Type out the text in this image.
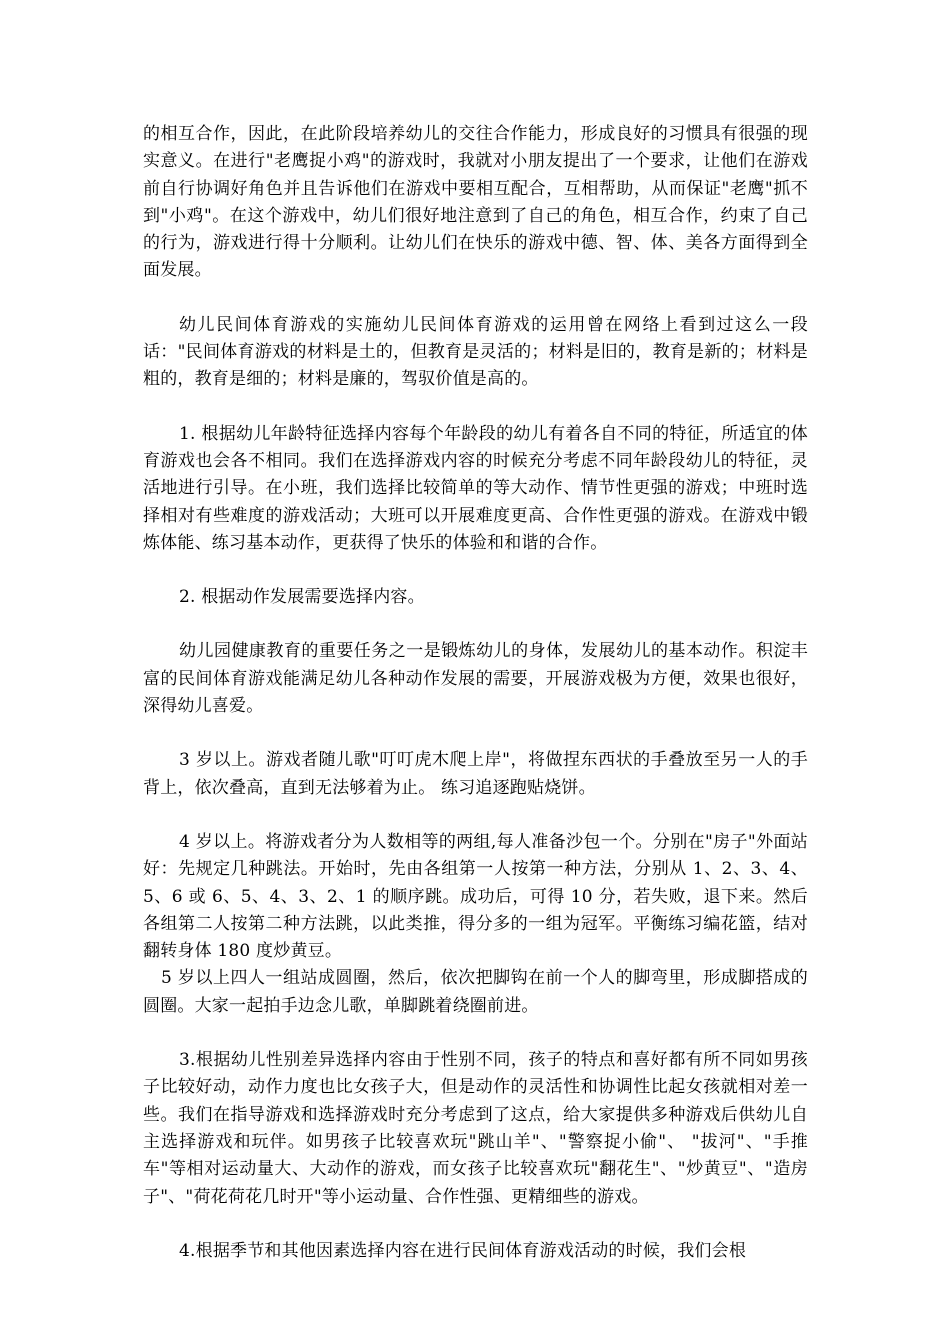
的相互合作，因此，在此阶段培养幼儿的交往合作能力，形成良好的习惯具有很强的现实意义。在进行"老鹰捉小鸡"的游戏时，我就对小朋友提出了一个要求，让他们在游戏前自行协调好角色并且告诉他们在游戏中要相互配合，互相帮助，从而保证"老鹰"抓不到"小鸡"。在这个游戏中，幼儿们很好地注意到了自己的角色，相互合作，约束了自己的行为，游戏进行得十分顺利。让幼儿们在快乐的游戏中德、智、体、美各方面得到全面发展。

幼儿民间体育游戏的实施幼儿民间体育游戏的运用曾在网络上看到过这么一段话："民间体育游戏的材料是土的，但教育是灵活的；材料是旧的，教育是新的；材料是粗的，教育是细的；材料是廉的，驾驭价值是高的。

1. 根据幼儿年龄特征选择内容每个年龄段的幼儿有着各自不同的特征，所适宜的体育游戏也会各不相同。我们在选择游戏内容的时候充分考虑不同年龄段幼儿的特征，灵活地进行引导。在小班，我们选择比较简单的等大动作、情节性更强的游戏；中班时选择相对有些难度的游戏活动；大班可以开展难度更高、合作性更强的游戏。在游戏中锻炼体能、练习基本动作，更获得了快乐的体验和和谐的合作。

2. 根据动作发展需要选择内容。

幼儿园健康教育的重要任务之一是锻炼幼儿的身体，发展幼儿的基本动作。积淀丰富的民间体育游戏能满足幼儿各种动作发展的需要，开展游戏极为方便，效果也很好，深得幼儿喜爱。

3 岁以上。游戏者随儿歌"叮叮虎木爬上岸"，将做捏东西状的手叠放至另一人的手背上，依次叠高，直到无法够着为止。 练习追逐跑贴烧饼。

4 岁以上。将游戏者分为人数相等的两组,每人准备沙包一个。分别在"房子"外面站好：先规定几种跳法。开始时，先由各组第一人按第一种方法，分别从 1、2、3、4、5、6 或 6、5、4、3、2、1 的顺序跳。成功后，可得 10 分，若失败，退下来。然后各组第二人按第二种方法跳，以此类推，得分多的一组为冠军。平衡练习编花篮，结对翻转身体 180 度炒黄豆。

5 岁以上四人一组站成圆圈，然后，依次把脚钩在前一个人的脚弯里，形成脚搭成的圆圈。大家一起拍手边念儿歌，单脚跳着绕圈前进。

3.根据幼儿性别差异选择内容由于性别不同，孩子的特点和喜好都有所不同如男孩子比较好动，动作力度也比女孩子大，但是动作的灵活性和协调性比起女孩就相对差一些。我们在指导游戏和选择游戏时充分考虑到了这点，给大家提供多种游戏后供幼儿自主选择游戏和玩伴。如男孩子比较喜欢玩"跳山羊"、"警察捉小偷"、 "拔河"、"手推车"等相对运动量大、大动作的游戏，而女孩子比较喜欢玩"翻花生"、"炒黄豆"、"造房子"、"荷花荷花几时开"等小运动量、合作性强、更精细些的游戏。

4.根据季节和其他因素选择内容在进行民间体育游戏活动的时候，我们会根
